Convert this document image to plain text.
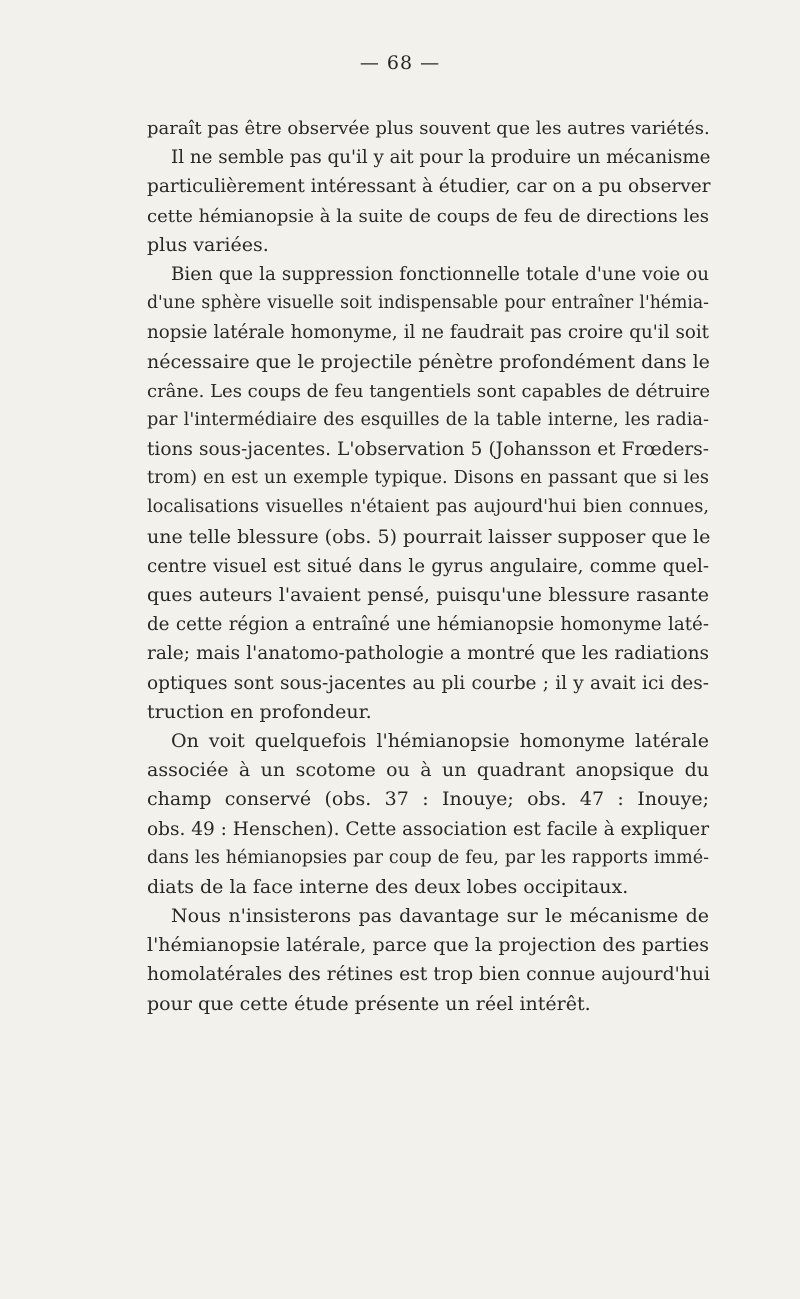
— 68 —
paraît pas être observée plus souvent que les autres variétés.
Il ne semble pas qu'il y ait pour la produire un mécanisme
particulièrement intéressant à étudier, car on a pu observer
cette hémianopsie à la suite de coups de feu de directions les
plus variées.
Bien que la suppression fonctionnelle totale d'une voie ou
d'une sphère visuelle soit indispensable pour entraîner l'hémia-
nopsie latérale homonyme, il ne faudrait pas croire qu'il soit
nécessaire que le projectile pénètre profondément dans le
crâne. Les coups de feu tangentiels sont capables de détruire
par l'intermédiaire des esquilles de la table interne, les radia-
tions sous-jacentes. L'observation 5 (Johansson et Frœders-
trom) en est un exemple typique. Disons en passant que si les
localisations visuelles n'étaient pas aujourd'hui bien connues,
une telle blessure (obs. 5) pourrait laisser supposer que le
centre visuel est situé dans le gyrus angulaire, comme quel-
ques auteurs l'avaient pensé, puisqu'une blessure rasante
de cette région a entraîné une hémianopsie homonyme laté-
rale; mais l'anatomo-pathologie a montré que les radiations
optiques sont sous-jacentes au pli courbe ; il y avait ici des-
truction en profondeur.
On voit quelquefois l'hémianopsie homonyme latérale
associée à un scotome ou à un quadrant anopsique du
champ conservé (obs. 37 : Inouye; obs. 47 : Inouye;
obs. 49 : Henschen). Cette association est facile à expliquer
dans les hémianopsies par coup de feu, par les rapports immé-
diats de la face interne des deux lobes occipitaux.
Nous n'insisterons pas davantage sur le mécanisme de
l'hémianopsie latérale, parce que la projection des parties
homolatérales des rétines est trop bien connue aujourd'hui
pour que cette étude présente un réel intérêt.
